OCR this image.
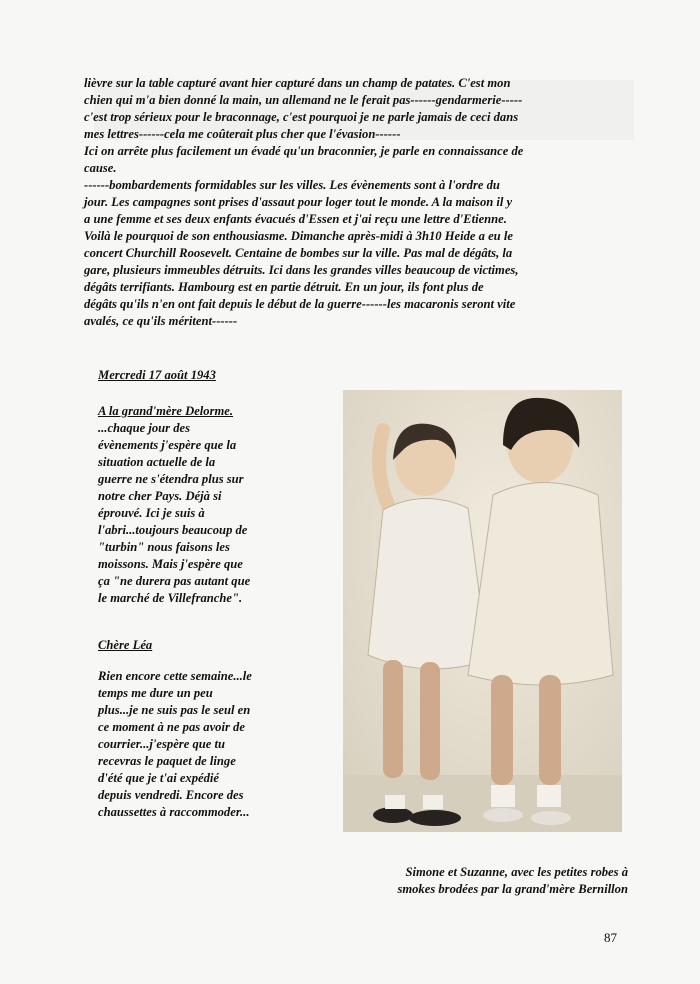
lièvre sur la table capturé avant hier capturé dans un champ de patates. C'est mon

chien qui m'a bien donné la main, un allemand ne le ferait pas------gendarmerie-----

c'est trop sérieux pour le braconnage, c'est pourquoi je ne parle jamais de ceci dans

mes lettres------cela me coûterait plus cher que l'évasion------

Ici on arrête plus facilement un évadé qu'un braconnier, je parle en connaissance de

cause.

------bombardements formidables sur les villes. Les évènements sont à l'ordre du

jour. Les campagnes sont prises d'assaut pour loger tout le monde. A la maison il y

a une femme et ses deux enfants évacués d'Essen et j'ai reçu une lettre d'Etienne.

Voilà le pourquoi de son enthousiasme. Dimanche après-midi à 3h10 Heide a eu le

concert Churchill Roosevelt. Centaine de bombes sur la ville. Pas mal de dégâts, la

gare, plusieurs immeubles détruits. Ici dans les grandes villes beaucoup de victimes,

dégâts terrifiants. Hambourg est en partie détruit. En un jour, ils font plus de

dégâts qu'ils n'en ont fait depuis le début de la guerre------les macaronis seront vite

avalés, ce qu'ils méritent------

Mercredi 17 août 1943

A la grand'mère Delorme.

...chaque jour des

évènements j'espère que la

situation actuelle de la

guerre ne s'étendra plus sur

notre cher Pays. Déjà si

éprouvé. Ici je suis à

l'abri...toujours beaucoup de

"turbin" nous faisons les

moissons. Mais j'espère que

ça "ne durera pas autant que

le marché de Villefranche".

Chère Léa

Rien encore cette semaine...le

temps me dure un peu

plus...je ne suis pas le seul en

ce moment à ne pas avoir de

courrier...j'espère que tu

recevras le paquet de linge

d'été que je t'ai expédié

depuis vendredi. Encore des

chaussettes à raccommoder...

Simone et Suzanne, avec les petites robes à

smokes brodées par la grand'mère Bernillon

87
